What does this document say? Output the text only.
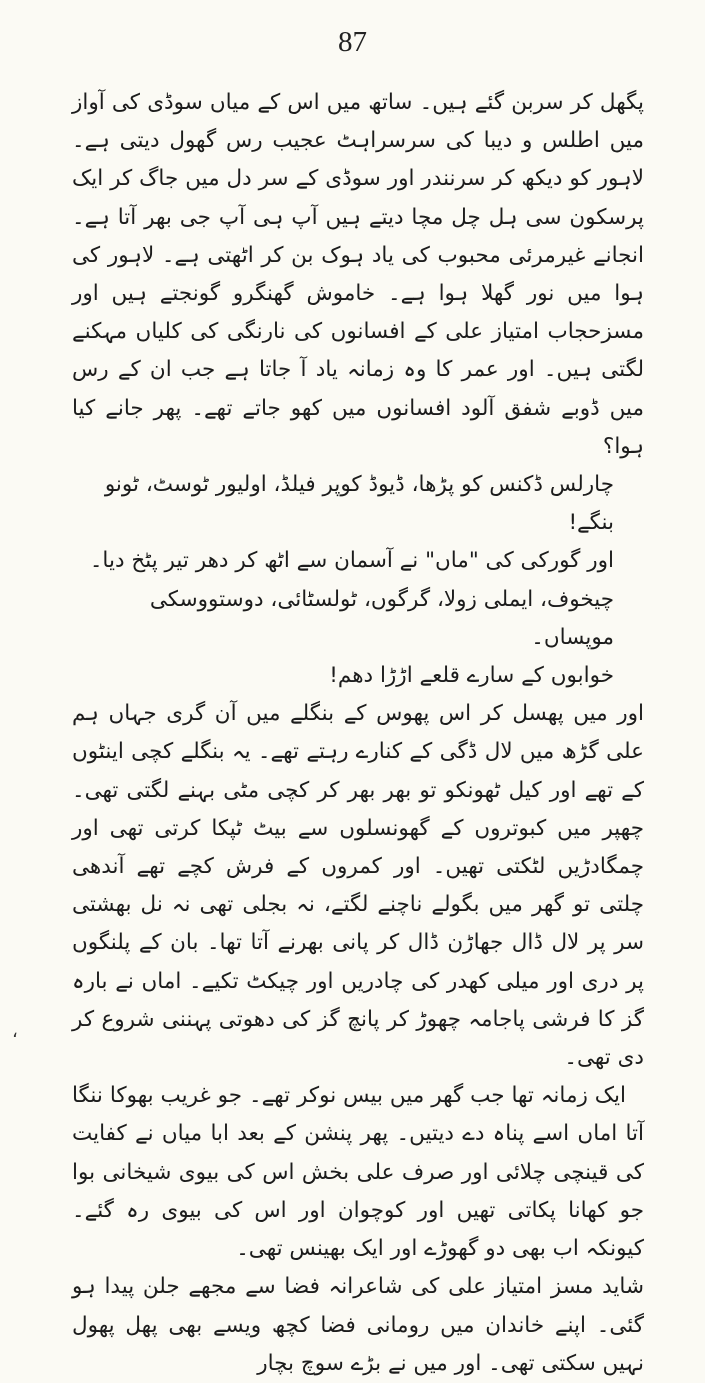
87

پگھل کر سربن گئے ہیں۔ ساتھ میں اس کے میاں سوڈی کی آواز میں اطلس و دیبا کی سرسراہٹ عجیب رس گھول دیتی ہے۔ لاہور کو دیکھ کر سرنندر اور سوڈی کے سر دل میں جاگ کر ایک پرسکون سی ہل چل مچا دیتے ہیں آپ ہی آپ جی بھر آتا ہے۔ انجانے غیرمرئی محبوب کی یاد ہوک بن کر اٹھتی ہے۔ لاہور کی ہوا میں نور گھلا ہوا ہے۔ خاموش گھنگرو گونجتے ہیں اور مسزحجاب امتیاز علی کے افسانوں کی نارنگی کی کلیاں مہکنے لگتی ہیں۔ اور عمر کا وہ زمانہ یاد آ جاتا ہے جب ان کے رس میں ڈوبے شفق آلود افسانوں میں کھو جاتے تھے۔ پھر جانے کیا ہوا؟

چارلس ڈکنس کو پڑھا، ڈیوڈ کوپر فیلڈ، اولیور ٹوسٹ، ٹونو بنگے!

اور گورکی کی "ماں" نے آسمان سے اٹھ کر دھر تیر پٹخ دیا۔

چیخوف، ایملی زولا، گرگوں، ٹولسٹائی، دوستووسکی موپساں۔

خوابوں کے سارے قلعے اڑڑا دھم!

اور میں پھسل کر اس پھوس کے بنگلے میں آن گری جہاں ہم علی گڑھ میں لال ڈگی کے کنارے رہتے تھے۔ یہ بنگلے کچی اینٹوں کے تھے اور کیل ٹھونکو تو بھر بھر کر کچی مٹی بہنے لگتی تھی۔ چھپر میں کبوتروں کے گھونسلوں سے بیٹ ٹپکا کرتی تھی اور چمگادڑیں لٹکتی تھیں۔ اور کمروں کے فرش کچے تھے آندھی چلتی تو گھر میں بگولے ناچنے لگتے، نہ بجلی تھی نہ نل بھشتی سر پر لال ڈال جھاڑن ڈال کر پانی بھرنے آتا تھا۔ بان کے پلنگوں پر دری اور میلی کھدر کی چادریں اور چیکٹ تکیے۔ اماں نے بارہ گز کا فرشی پاجامہ چھوڑ کر پانچ گز کی دھوتی پہننی شروع کر دی تھی۔

ایک زمانہ تھا جب گھر میں بیس نوکر تھے۔ جو غریب بھوکا ننگا آتا اماں اسے پناہ دے دیتیں۔ پھر پنشن کے بعد ابا میاں نے کفایت کی قینچی چلائی اور صرف علی بخش اس کی بیوی شیخانی بوا جو کھانا پکاتی تھیں اور کوچوان اور اس کی بیوی رہ گئے۔ کیونکہ اب بھی دو گھوڑے اور ایک بھینس تھی۔

شاید مسز امتیاز علی کی شاعرانہ فضا سے مجھے جلن پیدا ہو گئی۔ اپنے خاندان میں رومانی فضا کچھ ویسے بھی پھل پھول نہیں سکتی تھی۔ اور میں نے بڑے سوچ بچار

،
